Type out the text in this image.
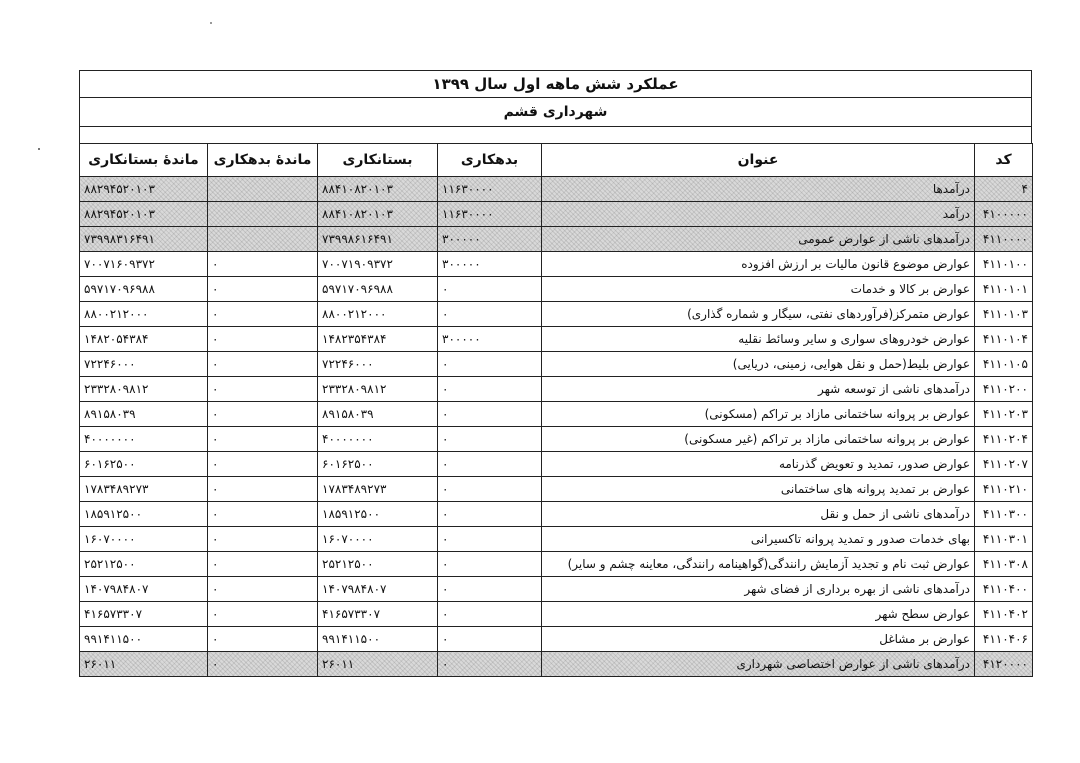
عملکرد شش ماهه اول سال ۱۳۹۹
شهرداری قشم
کد	عنوان	بدهکاری	بستانکاری	ماندهٔ بدهکاری	ماندهٔ بستانکاری
۴	درآمدها	۱۱۶۳۰۰۰۰	۸۸۴۱۰۸۲۰۱۰۳		۸۸۲۹۴۵۲۰۱۰۳
۴۱۰۰۰۰۰	درآمد	۱۱۶۳۰۰۰۰	۸۸۴۱۰۸۲۰۱۰۳		۸۸۲۹۴۵۲۰۱۰۳
۴۱۱۰۰۰۰	درآمدهای ناشی از عوارض عمومی	۳۰۰۰۰۰	۷۳۹۹۸۶۱۶۴۹۱		۷۳۹۹۸۳۱۶۴۹۱
۴۱۱۰۱۰۰	عوارض موضوع قانون مالیات بر ارزش افزوده	۳۰۰۰۰۰	۷۰۰۷۱۹۰۹۳۷۲	۰	۷۰۰۷۱۶۰۹۳۷۲
۴۱۱۰۱۰۱	عوارض بر کالا و خدمات	۰	۵۹۷۱۷۰۹۶۹۸۸	۰	۵۹۷۱۷۰۹۶۹۸۸
۴۱۱۰۱۰۳	عوارض متمرکز(فرآوردهای نفتی، سیگار و شماره گذاری)	۰	۸۸۰۰۲۱۲۰۰۰	۰	۸۸۰۰۲۱۲۰۰۰
۴۱۱۰۱۰۴	عوارض خودروهای سواری و سایر وسائط نقلیه	۳۰۰۰۰۰	۱۴۸۲۳۵۴۳۸۴	۰	۱۴۸۲۰۵۴۳۸۴
۴۱۱۰۱۰۵	عوارض بلیط(حمل و نقل هوایی، زمینی، دریایی)	۰	۷۲۲۴۶۰۰۰	۰	۷۲۲۴۶۰۰۰
۴۱۱۰۲۰۰	درآمدهای ناشی از توسعه شهر	۰	۲۳۳۲۸۰۹۸۱۲	۰	۲۳۳۲۸۰۹۸۱۲
۴۱۱۰۲۰۳	عوارض بر پروانه ساختمانی مازاد بر تراکم (مسکونی)	۰	۸۹۱۵۸۰۳۹	۰	۸۹۱۵۸۰۳۹
۴۱۱۰۲۰۴	عوارض بر پروانه ساختمانی مازاد بر تراکم (غیر مسکونی)	۰	۴۰۰۰۰۰۰۰	۰	۴۰۰۰۰۰۰۰
۴۱۱۰۲۰۷	عوارض صدور، تمدید و تعویض گذرنامه	۰	۶۰۱۶۲۵۰۰	۰	۶۰۱۶۲۵۰۰
۴۱۱۰۲۱۰	عوارض بر تمدید پروانه های ساختمانی	۰	۱۷۸۳۴۸۹۲۷۳	۰	۱۷۸۳۴۸۹۲۷۳
۴۱۱۰۳۰۰	درآمدهای ناشی از حمل و نقل	۰	۱۸۵۹۱۲۵۰۰	۰	۱۸۵۹۱۲۵۰۰
۴۱۱۰۳۰۱	بهای خدمات صدور و تمدید پروانه تاکسیرانی	۰	۱۶۰۷۰۰۰۰	۰	۱۶۰۷۰۰۰۰
۴۱۱۰۳۰۸	عوارض ثبت نام و تجدید آزمایش رانندگی(گواهینامه رانندگی، معاینه چشم و سایر)	۰	۲۵۲۱۲۵۰۰	۰	۲۵۲۱۲۵۰۰
۴۱۱۰۴۰۰	درآمدهای ناشی از بهره برداری از فضای شهر	۰	۱۴۰۷۹۸۴۸۰۷	۰	۱۴۰۷۹۸۴۸۰۷
۴۱۱۰۴۰۲	عوارض سطح شهر	۰	۴۱۶۵۷۳۳۰۷	۰	۴۱۶۵۷۳۳۰۷
۴۱۱۰۴۰۶	عوارض بر مشاغل	۰	۹۹۱۴۱۱۵۰۰	۰	۹۹۱۴۱۱۵۰۰
۴۱۲۰۰۰۰	درآمدهای ناشی از عوارض اختصاصی شهرداری	۰	۲۶۰۱۱	۰	۲۶۰۱۱
